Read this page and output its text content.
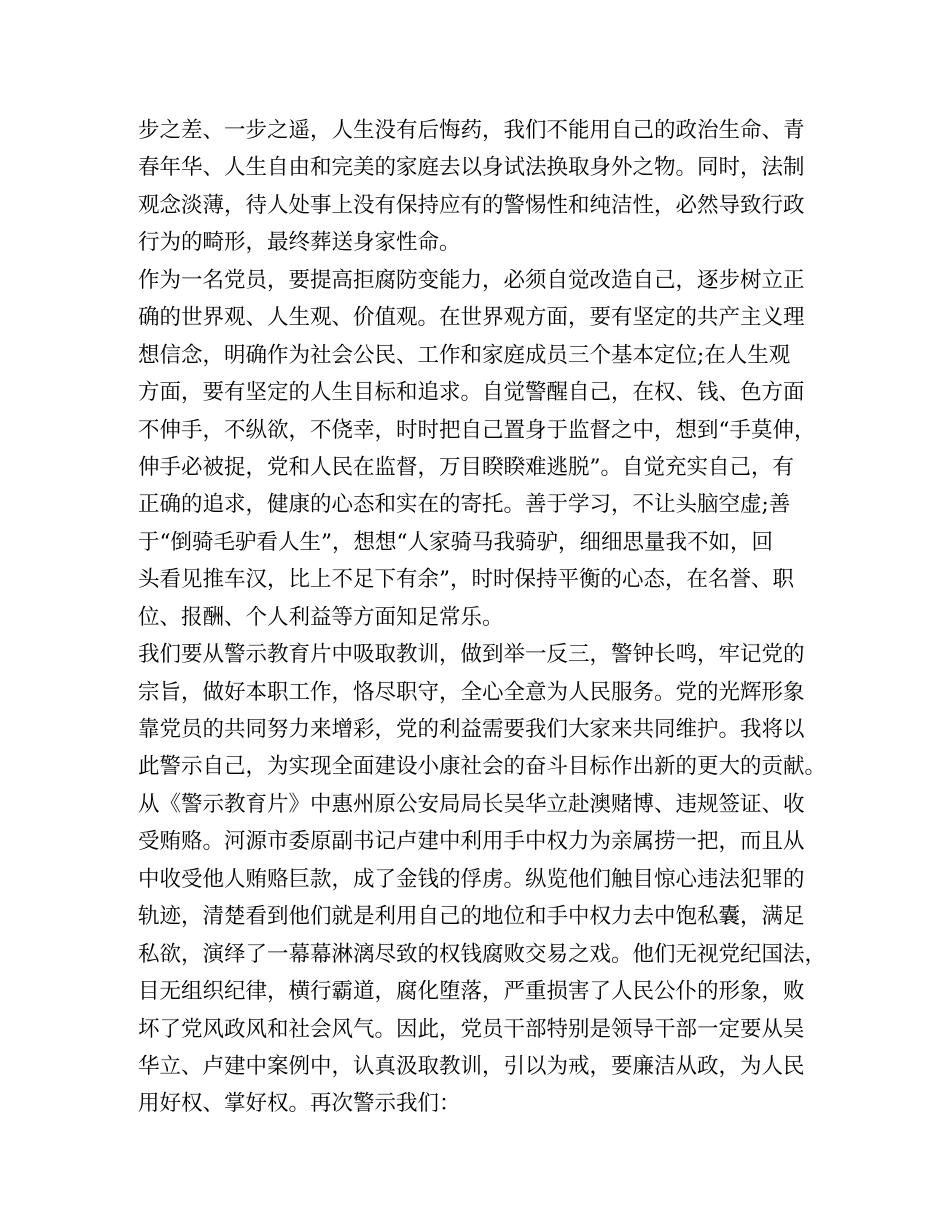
步之差、一步之遥，人生没有后悔药，我们不能用自己的政治生命、青
春年华、人生自由和完美的家庭去以身试法换取身外之物。同时，法制
观念淡薄，待人处事上没有保持应有的警惕性和纯洁性，必然导致行政
行为的畸形，最终葬送身家性命。
作为一名党员，要提高拒腐防变能力，必须自觉改造自己，逐步树立正
确的世界观、人生观、价值观。在世界观方面，要有坚定的共产主义理
想信念，明确作为社会公民、工作和家庭成员三个基本定位;在人生观
方面，要有坚定的人生目标和追求。自觉警醒自己，在权、钱、色方面
不伸手，不纵欲，不侥幸，时时把自己置身于监督之中，想到“手莫伸，
伸手必被捉，党和人民在监督，万目睽睽难逃脱”。自觉充实自己，有
正确的追求，健康的心态和实在的寄托。善于学习，不让头脑空虚;善
于“倒骑毛驴看人生”，想想“人家骑马我骑驴，细细思量我不如，回
头看见推车汉，比上不足下有余”，时时保持平衡的心态，在名誉、职
位、报酬、个人利益等方面知足常乐。
我们要从警示教育片中吸取教训，做到举一反三，警钟长鸣，牢记党的
宗旨，做好本职工作，恪尽职守，全心全意为人民服务。党的光辉形象
靠党员的共同努力来增彩，党的利益需要我们大家来共同维护。我将以
此警示自己，为实现全面建设小康社会的奋斗目标作出新的更大的贡献。
从《警示教育片》中惠州原公安局局长吴华立赴澳赌博、违规签证、收
受贿赂。河源市委原副书记卢建中利用手中权力为亲属捞一把，而且从
中收受他人贿赂巨款，成了金钱的俘虏。纵览他们触目惊心违法犯罪的
轨迹，清楚看到他们就是利用自己的地位和手中权力去中饱私囊，满足
私欲，演绎了一幕幕淋漓尽致的权钱腐败交易之戏。他们无视党纪国法，
目无组织纪律，横行霸道，腐化堕落，严重损害了人民公仆的形象，败
坏了党风政风和社会风气。因此，党员干部特别是领导干部一定要从吴
华立、卢建中案例中，认真汲取教训，引以为戒，要廉洁从政，为人民
用好权、掌好权。再次警示我们：
